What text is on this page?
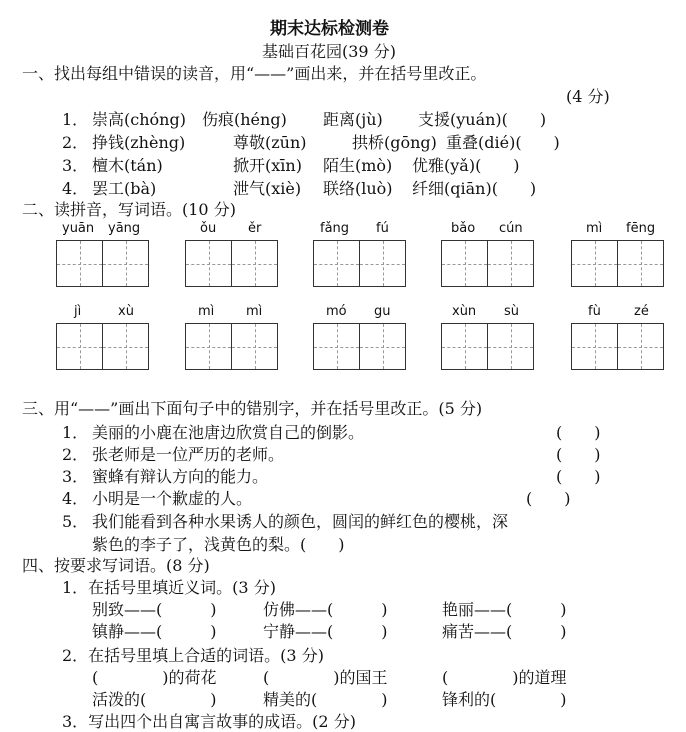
期末达标检测卷
基础百花园(39 分)
一、找出每组中错误的读音，用“——”画出来，并在括号里改正。
(4 分)
1． 崇高(chóng) 伤痕(héng) 距离(jù) 支援(yuán)(　　)
2． 挣钱(zhèng)	尊敬(zūn)	拱桥(gōng) 重叠(dié)(　　)
3． 檀木(tán)	掀开(xīn) 陌生(mò) 优雅(yǎ)(　　)
4． 罢工(bà)	泄气(xiè) 联络(luò) 纤细(qiān)(　　)
二、读拼音，写词语。(10 分)
yuān yāng	ǒu ěr	fǎng fú	bǎo cún	mì fēng
jì	xù	mì mì	mó gu	xùn sù	fù	zé
三、用“——”画出下面句子中的错别字，并在括号里改正。(5 分)
1． 美丽的小鹿在池唐边欣赏自己的倒影。	(　　)
2． 张老师是一位严历的老师。	(　　)
3． 蜜蜂有辩认方向的能力。	(　　)
4． 小明是一个歉虚的人。	(　　)
5． 我们能看到各种水果诱人的颜色，圆闰的鲜红色的樱桃，深
紫色的李子了，浅黄色的梨。(　　)
四、按要求写词语。(8 分)
1．在括号里填近义词。(3 分)
别致——(　　　)	仿佛——(　　　)	艳丽——(　　　)
镇静——(　　　)	宁静——(　　　)	痛苦——(　　　)
2．在括号里填上合适的词语。(3 分)
(　　　　)的荷花	(　　　　)的国王	(　　　　)的道理
活泼的(　　　　)	精美的(　　　　)	锋利的(　　　　)
3．写出四个出自寓言故事的成语。(2 分)
